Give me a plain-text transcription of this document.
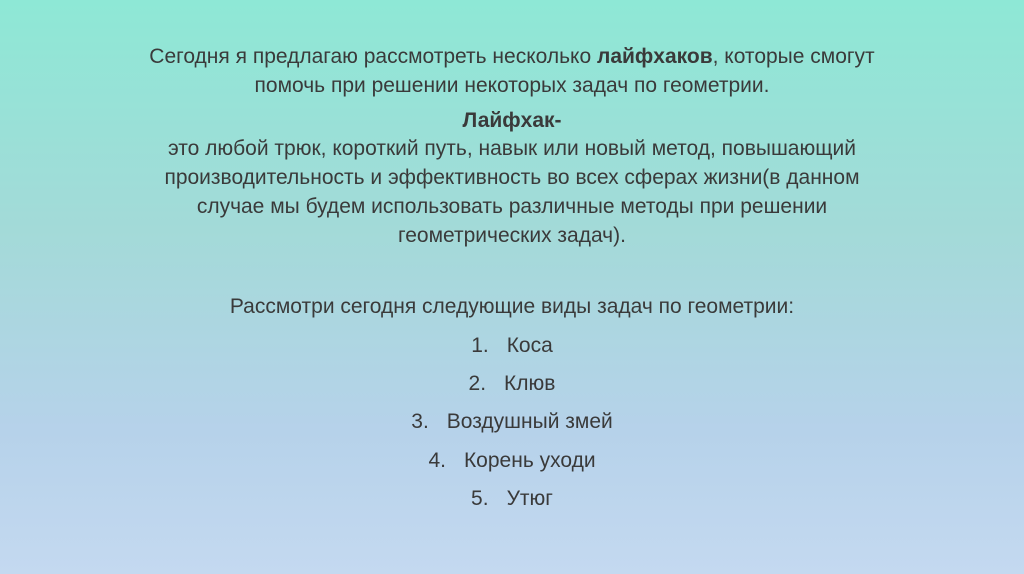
Сегодня я предлагаю рассмотреть несколько лайфхаков, которые смогут
помочь при решении некоторых задач по геометрии.
Лайфхак-
это любой трюк, короткий путь, навык или новый метод, повышающий
производительность и эффективность во всех сферах жизни(в данном
случае мы будем использовать различные методы при решении
геометрических задач).
Рассмотри сегодня следующие виды задач по геометрии:
1. Коса
2. Клюв
3. Воздушный змей
4. Корень уходи
5. Утюг
